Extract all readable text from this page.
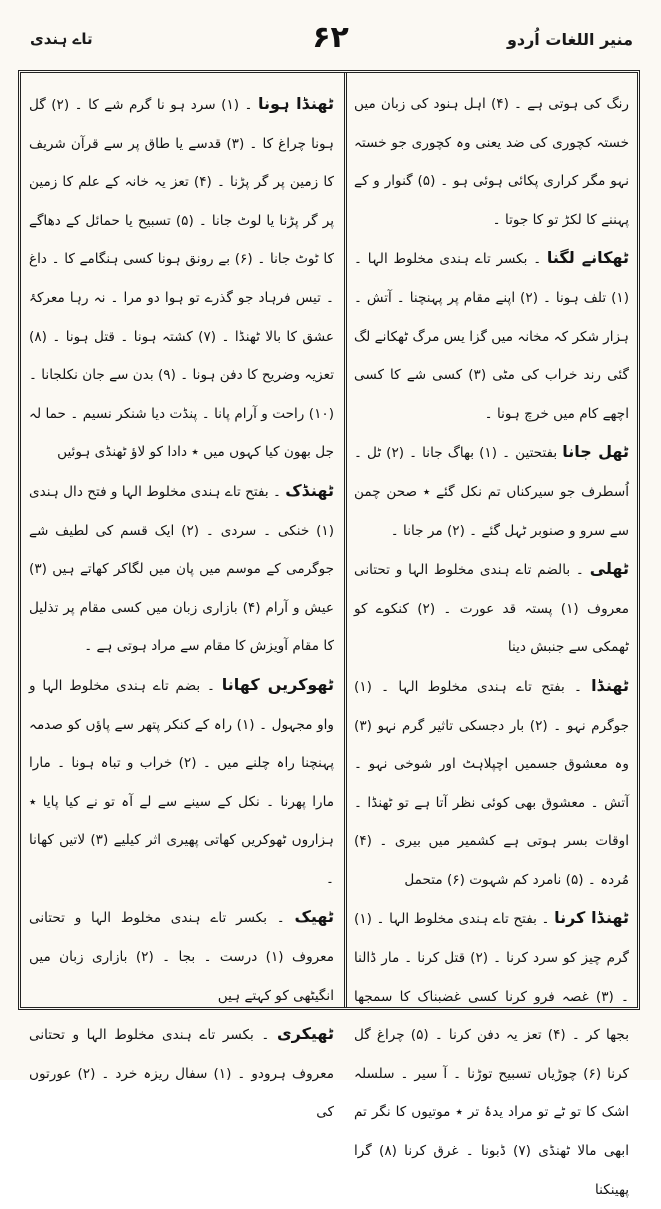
منیر اللغات اُردو
۶۲
تاے ہندی

رنگ کی ہوتی ہے ۔ (۴) اہل ہنود کی زبان میں خستہ کچوری کی ضد یعنی وہ کچوری جو خستہ نہو مگر کراری پکائی ہوئی ہو ۔ (۵) گنوار و کے پہننے کا لکڑ تو کا جوتا ۔

ٹھکانے لگنا ۔ بکسر تاے ہندی مخلوط الہا ۔ (۱) تلف ہونا ۔ (۲) اپنے مقام پر پہنچنا ۔ آتش ۔ ہزار شکر کہ مخانہ میں گزا یس مرگ ٹھکانے لگ گئی رند خراب کی مٹی (۳) کسی شے کا کسی اچھے کام میں خرچ ہونا ۔

ٹھل جانا بفتحتین ۔ (۱) بھاگ جانا ۔ (۲) ٹل ۔ اُسطرف جو سیرکناں تم نکل گئے ٭ صحن چمن سے سرو و صنوبر ٹہل گئے ۔ (۲) مر جانا ۔

ٹھلی ۔ بالضم تاے ہندی مخلوط الہا و تحتانی معروف (۱) پستہ قد عورت ۔ (۲) کنکوے کو ٹھمکی سے جنبش دینا

ٹھنڈا ۔ بفتح تاے ہندی مخلوط الہا ۔ (۱) جوگرم نہو ۔ (۲) بار دجسکی تاثیر گرم نہو (۳) وہ معشوق جسمیں اچپلاہٹ اور شوخی نہو ۔ آتش ۔ معشوق بھی کوئی نظر آتا ہے تو ٹھنڈا ۔ اوقات بسر ہوتی ہے کشمیر میں بیری ۔ (۴) مُردہ ۔ (۵) نامرد کم شہوت (۶) متحمل

ٹھنڈا کرنا ۔ بفتح تاے ہندی مخلوط الہا ۔ (۱) گرم چیز کو سرد کرنا ۔ (۲) قتل کرنا ۔ مار ڈالنا ۔ (۳) غصہ فرو کرنا کسی غضبناک کا سمجھا بجھا کر ۔ (۴) تعز یہ دفن کرنا ۔ (۵) چراغ گل کرنا (۶) چوڑیاں تسبیح توڑنا ۔ آ سیر ۔ سلسلہ اشک کا تو ٹے تو مراد یدۂ تر ٭ موتیوں کا نگر تم ابھی مالا ٹھنڈی (۷) ڈبونا ۔ غرق کرنا (۸) گرا پھینکنا

ٹھنڈا ہونا ۔ (۱) سرد ہو نا گرم شے کا ۔ (۲) گل ہونا چراغ کا ۔ (۳) قدسے یا طاق پر سے قرآن شریف کا زمین پر گر پڑنا ۔ (۴) تعز یہ خانہ کے علم کا زمین پر گر پڑنا یا لوٹ جانا ۔ (۵) تسبیح یا حمائل کے دھاگے کا ٹوٹ جانا ۔ (۶) بے رونق ہونا کسی ہنگامے کا ۔ داغ ۔ تیس فرہاد جو گذرے تو ہوا دو مرا ۔ نہ رہا معرکۂ عشق کا بالا ٹھنڈا ۔ (۷) کشتہ ہونا ۔ قتل ہونا ۔ (۸) تعزیہ وضریح کا دفن ہونا ۔ (۹) بدن سے جان نکلجانا ۔ (۱۰) راحت و آرام پانا ۔ پنڈت دیا شنکر نسیم ۔ حما لہ جل بھون کیا کہوں میں ٭ دادا کو لاؤ ٹھنڈی ہوئیں

ٹھنڈک ۔ بفتح تاے ہندی مخلوط الہا و فتح دال ہندی (۱) خنکی ۔ سردی ۔ (۲) ایک قسم کی لطیف شے جوگرمی کے موسم میں پان میں لگاکر کھاتے ہیں (۳) عیش و آرام (۴) بازاری زبان میں کسی مقام پر تذلیل کا مقام آویزش کا مقام سے مراد ہوتی ہے ۔

ٹھوکریں کھانا ۔ بضم تاے ہندی مخلوط الہا و واو مجہول ۔ (۱) راہ کے کنکر پتھر سے پاؤں کو صدمہ پہنچنا راہ چلنے میں ۔ (۲) خراب و تباہ ہونا ۔ مارا مارا پھرنا ۔ نکل کے سینے سے لے آہ تو نے کیا پایا ٭ ہزاروں ٹھوکریں کھاتی پھیری اثر کیلیے (۳) لاتیں کھانا ۔

ٹھیک ۔ بکسر تاے ہندی مخلوط الہا و تحتانی معروف (۱) درست ۔ بجا ۔ (۲) بازاری زبان میں انگیٹھی کو کہتے ہیں

ٹھیکری ۔ بکسر تاے ہندی مخلوط الہا و تحتانی معروف ہرودو ۔ (۱) سفال ریزہ خرد ۔ (۲) عورتوں کی
